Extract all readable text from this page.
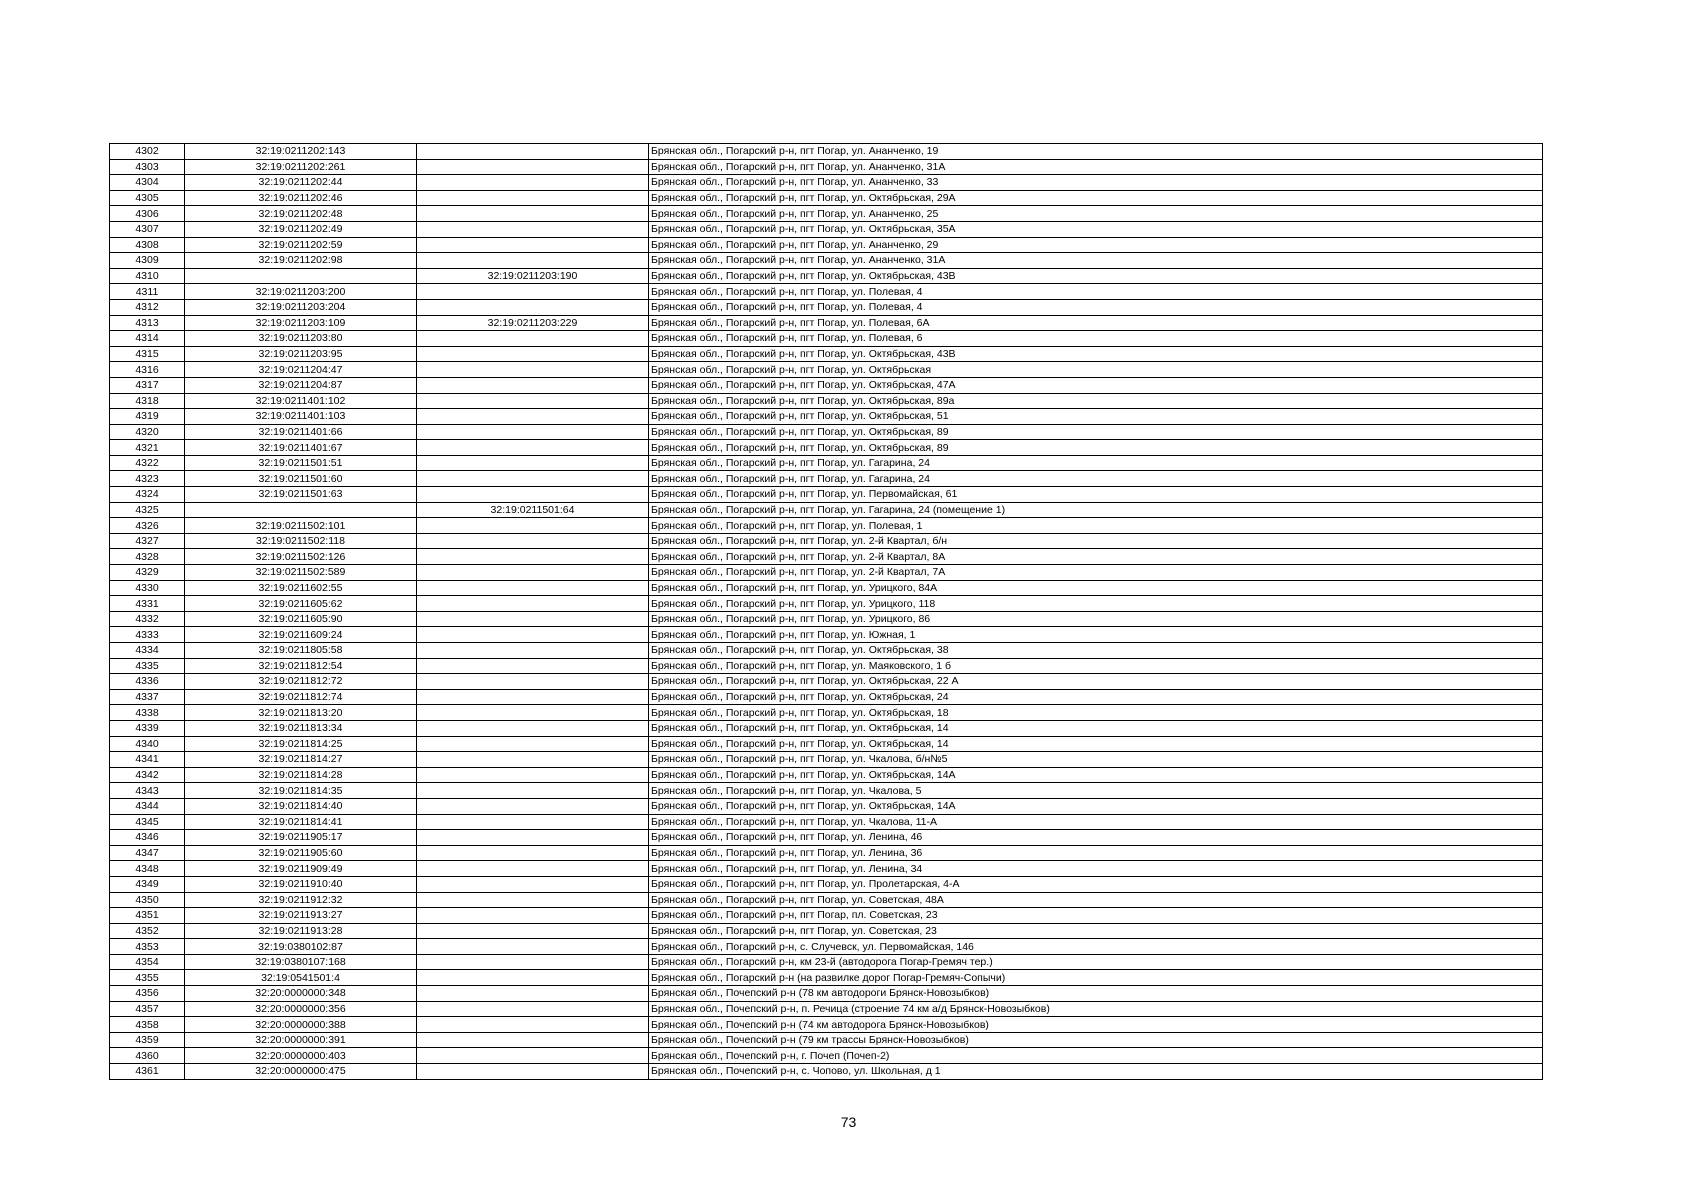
4302	32:19:0211202:143		Брянская обл., Погарский р-н, пгт Погар, ул. Ананченко, 19
4303	32:19:0211202:261		Брянская обл., Погарский р-н, пгт Погар, ул. Ананченко, 31А
4304	32:19:0211202:44		Брянская обл., Погарский р-н, пгт Погар, ул. Ананченко, 33
4305	32:19:0211202:46		Брянская обл., Погарский р-н, пгт Погар, ул. Октябрьская, 29А
4306	32:19:0211202:48		Брянская обл., Погарский р-н, пгт Погар, ул. Ананченко, 25
4307	32:19:0211202:49		Брянская обл., Погарский р-н, пгт Погар, ул. Октябрьская, 35А
4308	32:19:0211202:59		Брянская обл., Погарский р-н, пгт Погар, ул. Ананченко, 29
4309	32:19:0211202:98		Брянская обл., Погарский р-н, пгт Погар, ул. Ананченко, 31А
4310		32:19:0211203:190	Брянская обл., Погарский р-н, пгт Погар, ул. Октябрьская, 43В
4311	32:19:0211203:200		Брянская обл., Погарский р-н, пгт Погар, ул. Полевая, 4
4312	32:19:0211203:204		Брянская обл., Погарский р-н, пгт Погар, ул. Полевая, 4
4313	32:19:0211203:109	32:19:0211203:229	Брянская обл., Погарский р-н, пгт Погар, ул. Полевая, 6А
4314	32:19:0211203:80		Брянская обл., Погарский р-н, пгт Погар, ул. Полевая, 6
4315	32:19:0211203:95		Брянская обл., Погарский р-н, пгт Погар, ул. Октябрьская, 43В
4316	32:19:0211204:47		Брянская обл., Погарский р-н, пгт Погар, ул. Октябрьская
4317	32:19:0211204:87		Брянская обл., Погарский р-н, пгт Погар, ул. Октябрьская, 47А
4318	32:19:0211401:102		Брянская обл., Погарский р-н, пгт Погар, ул. Октябрьская, 89а
4319	32:19:0211401:103		Брянская обл., Погарский р-н, пгт Погар, ул. Октябрьская, 51
4320	32:19:0211401:66		Брянская обл., Погарский р-н, пгт Погар, ул. Октябрьская, 89
4321	32:19:0211401:67		Брянская обл., Погарский р-н, пгт Погар, ул. Октябрьская, 89
4322	32:19:0211501:51		Брянская обл., Погарский р-н, пгт Погар, ул. Гагарина, 24
4323	32:19:0211501:60		Брянская обл., Погарский р-н, пгт Погар, ул. Гагарина, 24
4324	32:19:0211501:63		Брянская обл., Погарский р-н, пгт Погар, ул. Первомайская, 61
4325		32:19:0211501:64	Брянская обл., Погарский р-н, пгт Погар, ул. Гагарина, 24 (помещение 1)
4326	32:19:0211502:101		Брянская обл., Погарский р-н, пгт Погар, ул. Полевая, 1
4327	32:19:0211502:118		Брянская обл., Погарский р-н, пгт Погар, ул. 2-й Квартал, б/н
4328	32:19:0211502:126		Брянская обл., Погарский р-н, пгт Погар, ул. 2-й Квартал, 8А
4329	32:19:0211502:589		Брянская обл., Погарский р-н, пгт Погар, ул. 2-й Квартал, 7А
4330	32:19:0211602:55		Брянская обл., Погарский р-н, пгт Погар, ул. Урицкого, 84А
4331	32:19:0211605:62		Брянская обл., Погарский р-н, пгт Погар, ул. Урицкого, 118
4332	32:19:0211605:90		Брянская обл., Погарский р-н, пгт Погар, ул. Урицкого, 86
4333	32:19:0211609:24		Брянская обл., Погарский р-н, пгт Погар, ул. Южная, 1
4334	32:19:0211805:58		Брянская обл., Погарский р-н, пгт Погар, ул. Октябрьская, 38
4335	32:19:0211812:54		Брянская обл., Погарский р-н, пгт Погар, ул. Маяковского, 1 б
4336	32:19:0211812:72		Брянская обл., Погарский р-н, пгт Погар, ул. Октябрьская, 22 А
4337	32:19:0211812:74		Брянская обл., Погарский р-н, пгт Погар, ул. Октябрьская, 24
4338	32:19:0211813:20		Брянская обл., Погарский р-н, пгт Погар, ул. Октябрьская, 18
4339	32:19:0211813:34		Брянская обл., Погарский р-н, пгт Погар, ул. Октябрьская, 14
4340	32:19:0211814:25		Брянская обл., Погарский р-н, пгт Погар, ул. Октябрьская, 14
4341	32:19:0211814:27		Брянская обл., Погарский р-н, пгт Погар, ул. Чкалова, б/н№5
4342	32:19:0211814:28		Брянская обл., Погарский р-н, пгт Погар, ул. Октябрьская, 14А
4343	32:19:0211814:35		Брянская обл., Погарский р-н, пгт Погар, ул. Чкалова, 5
4344	32:19:0211814:40		Брянская обл., Погарский р-н, пгт Погар, ул. Октябрьская, 14А
4345	32:19:0211814:41		Брянская обл., Погарский р-н, пгт Погар, ул. Чкалова, 11-А
4346	32:19:0211905:17		Брянская обл., Погарский р-н, пгт Погар, ул. Ленина, 46
4347	32:19:0211905:60		Брянская обл., Погарский р-н, пгт Погар, ул. Ленина, 36
4348	32:19:0211909:49		Брянская обл., Погарский р-н, пгт Погар, ул. Ленина, 34
4349	32:19:0211910:40		Брянская обл., Погарский р-н, пгт Погар, ул. Пролетарская, 4-А
4350	32:19:0211912:32		Брянская обл., Погарский р-н, пгт Погар, ул. Советская, 48А
4351	32:19:0211913:27		Брянская обл., Погарский р-н, пгт Погар, пл. Советская, 23
4352	32:19:0211913:28		Брянская обл., Погарский р-н, пгт Погар, ул. Советская, 23
4353	32:19:0380102:87		Брянская обл., Погарский р-н, с. Случевск, ул. Первомайская, 146
4354	32:19:0380107:168		Брянская обл., Погарский р-н, км 23-й (автодорога Погар-Гремяч тер.)
4355	32:19:0541501:4		Брянская обл., Погарский р-н (на развилке дорог Погар-Гремяч-Сопычи)
4356	32:20:0000000:348		Брянская обл., Почепский р-н (78 км автодороги Брянск-Новозыбков)
4357	32:20:0000000:356		Брянская обл., Почепский р-н, п. Речица (строение 74 км а/д Брянск-Новозыбков)
4358	32:20:0000000:388		Брянская обл., Почепский р-н (74 км автодорога Брянск-Новозыбков)
4359	32:20:0000000:391		Брянская обл., Почепский р-н (79 км трассы Брянск-Новозыбков)
4360	32:20:0000000:403		Брянская обл., Почепский р-н, г. Почеп (Почеп-2)
4361	32:20:0000000:475		Брянская обл., Почепский р-н, с. Чопово, ул. Школьная, д 1
73
